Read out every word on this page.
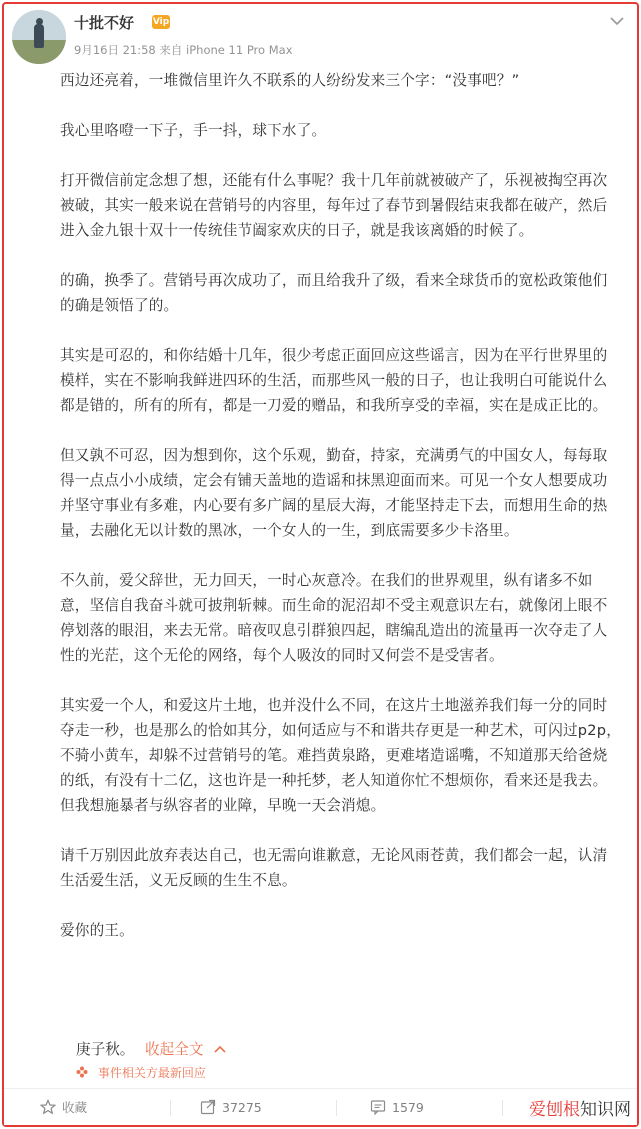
十批不好 Vip
9月16日 21:58 来自 iPhone 11 Pro Max

西边还亮着，一堆微信里许久不联系的人纷纷发来三个字：“没事吧？”

我心里咯噔一下子，手一抖，球下水了。

打开微信前定念想了想，还能有什么事呢？我十几年前就被破产了，乐视被掏空再次被破，其实一般来说在营销号的内容里，每年过了春节到暑假结束我都在破产，然后进入金九银十双十一传统佳节阖家欢庆的日子，就是我该离婚的时候了。

的确，换季了。营销号再次成功了，而且给我升了级，看来全球货币的宽松政策他们的确是领悟了的。

其实是可忍的，和你结婚十几年，很少考虑正面回应这些谣言，因为在平行世界里的模样，实在不影响我鲜进四环的生活，而那些风一般的日子，也让我明白可能说什么都是错的，所有的所有，都是一刀爱的赠品，和我所享受的幸福，实在是成正比的。

但又孰不可忍，因为想到你，这个乐观，勤奋，持家，充满勇气的中国女人，每每取得一点点小小成绩，定会有铺天盖地的造谣和抹黑迎面而来。可见一个女人想要成功并坚守事业有多难，内心要有多广阔的星辰大海，才能坚持走下去，而想用生命的热量，去融化无以计数的黑冰，一个女人的一生，到底需要多少卡洛里。

不久前，爱父辞世，无力回天，一时心灰意冷。在我们的世界观里，纵有诸多不如意，坚信自我奋斗就可披荆斩棘。而生命的泥沼却不受主观意识左右，就像闭上眼不停划落的眼泪，来去无常。暗夜叹息引群狼四起，瞎编乱造出的流量再一次夺走了人性的光茫，这个无伦的网络，每个人吸汝的同时又何尝不是受害者。

其实爱一个人，和爱这片土地，也并没什么不同，在这片土地滋养我们每一分的同时夺走一秒，也是那么的恰如其分，如何适应与不和谐共存更是一种艺术，可闪过p2p，不骑小黄车，却躲不过营销号的笔。难挡黄泉路，更难堵造谣嘴，不知道那天给爸烧的纸，有没有十二亿，这也许是一种托梦，老人知道你忙不想烦你，看来还是我去。但我想施暴者与纵容者的业障，早晚一天会消熄。

请千万别因此放弃表达自己，也无需向谁歉意，无论风雨苍黄，我们都会一起，认清生活爱生活，义无反顾的生生不息。

爱你的王。

庚子秋。 收起全文
事件相关方最新回应
收藏	37275	1579	爱刨根知识网
